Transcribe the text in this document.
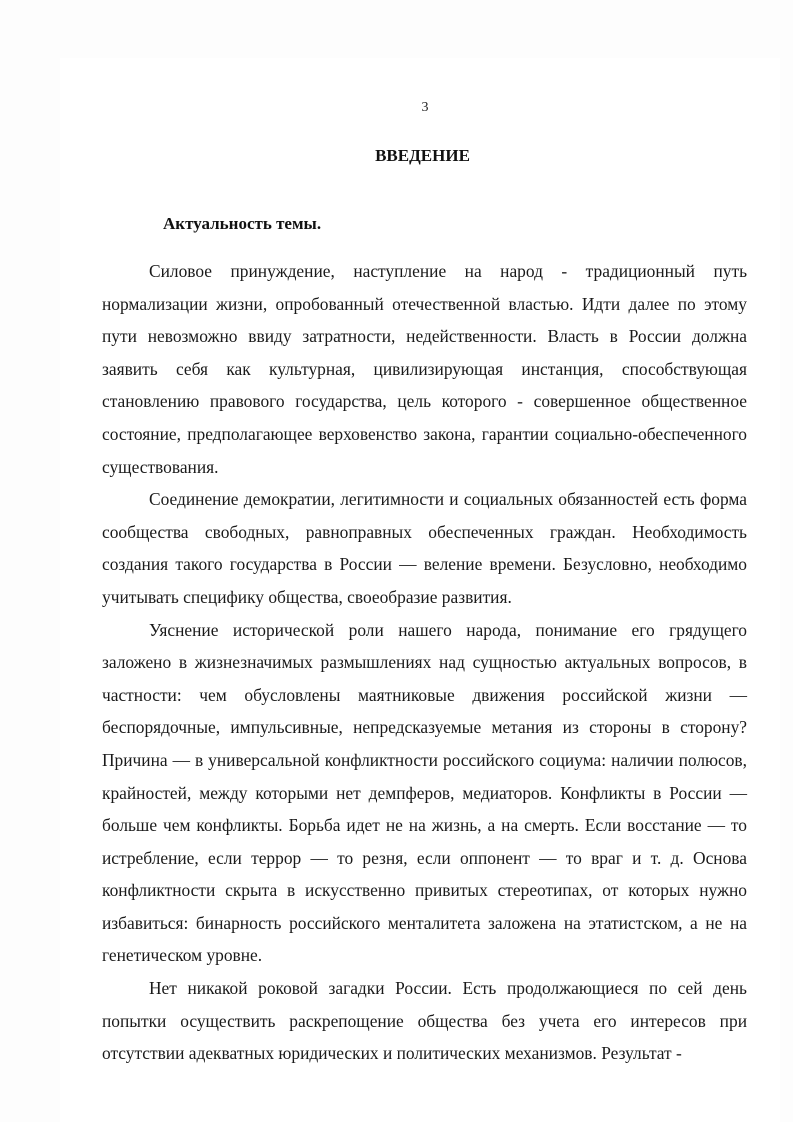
3
ВВЕДЕНИЕ
Актуальность темы.

Силовое принуждение, наступление на народ - традиционный путь нормализации жизни, опробованный отечественной властью. Идти далее по этому пути невозможно ввиду затратности, недейственности. Власть в России должна заявить себя как культурная, цивилизирующая инстанция, способствующая становлению правового государства, цель которого - совершенное общественное состояние, предполагающее верховенство закона, гарантии социально-обеспеченного существования.

Соединение демократии, легитимности и социальных обязанностей есть форма сообщества свободных, равноправных обеспеченных граждан. Необходимость создания такого государства в России — веление времени. Безусловно, необходимо учитывать специфику общества, своеобразие развития.

Уяснение исторической роли нашего народа, понимание его грядущего заложено в жизнезначимых размышлениях над сущностью актуальных вопросов, в частности: чем обусловлены маятниковые движения российской жизни — беспорядочные, импульсивные, непредсказуемые метания из стороны в сторону? Причина — в универсальной конфликтности российского социума: наличии полюсов, крайностей, между которыми нет демпферов, медиаторов. Конфликты в России — больше чем конфликты. Борьба идет не на жизнь, а на смерть. Если восстание — то истребление, если террор — то резня, если оппонент — то враг и т. д. Основа конфликтности скрыта в искусственно привитых стереотипах, от которых нужно избавиться: бинарность российского менталитета заложена на этатистском, а не на генетическом уровне.

Нет никакой роковой загадки России. Есть продолжающиеся по сей день попытки осуществить раскрепощение общества без учета его интересов при отсутствии адекватных юридических и политических механизмов. Результат -
